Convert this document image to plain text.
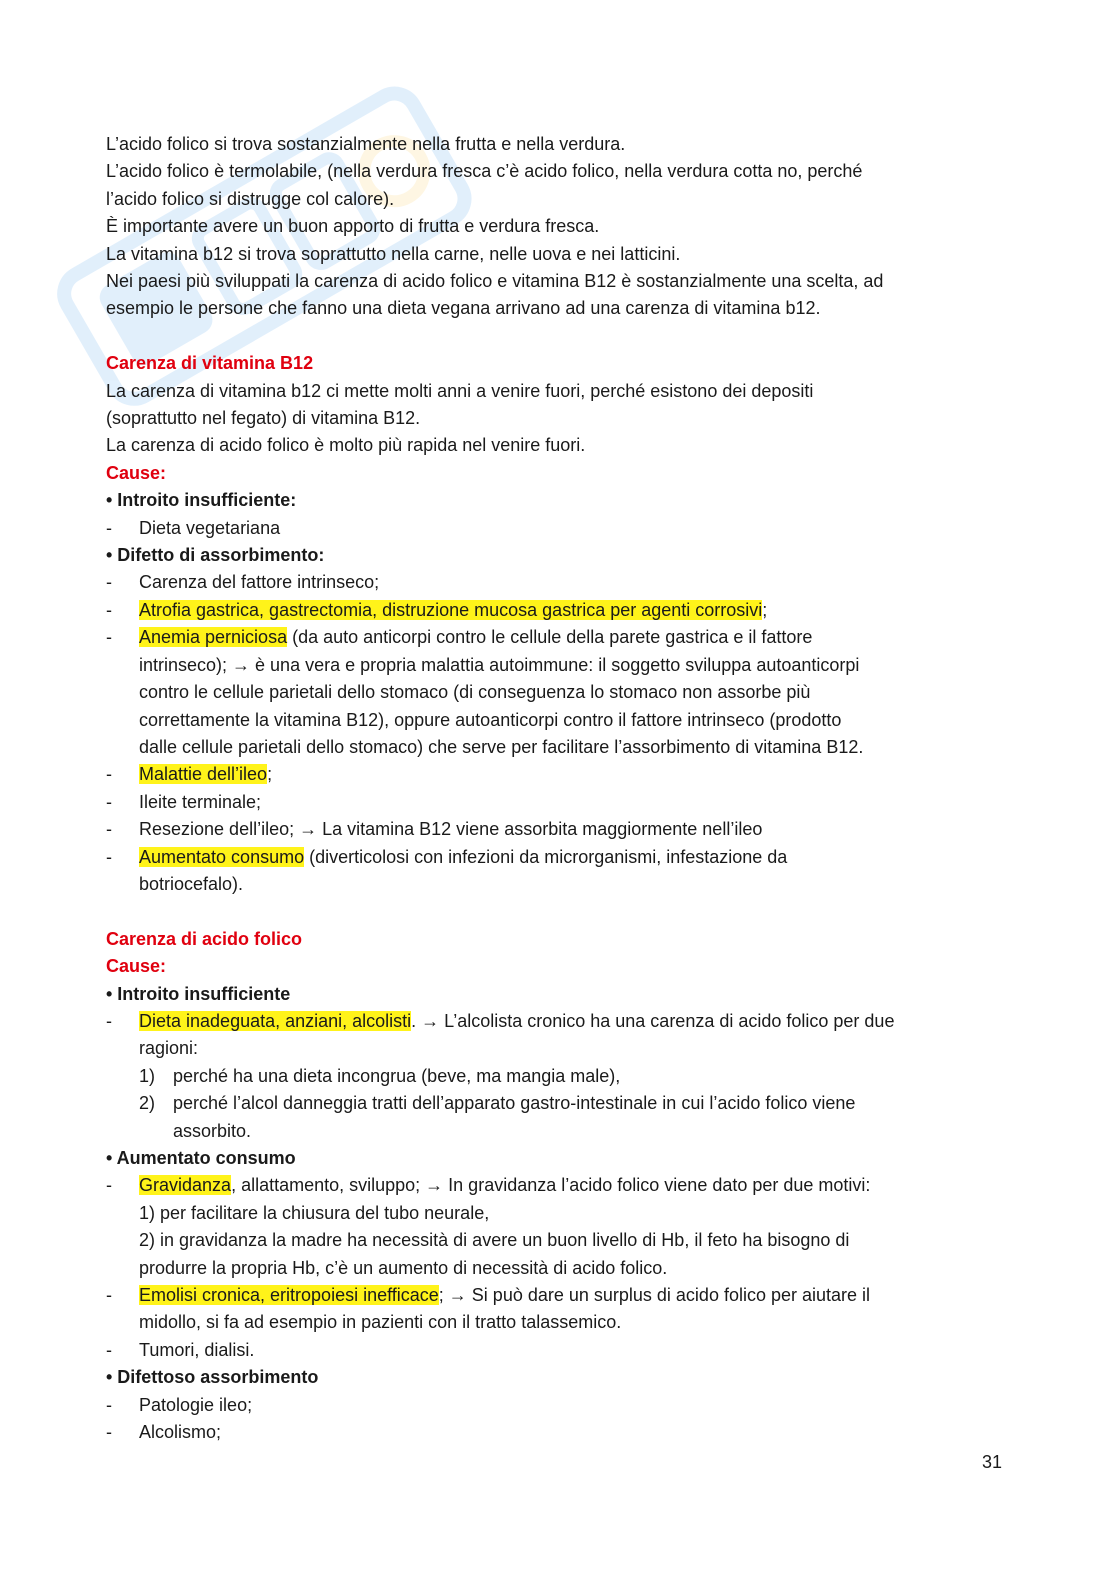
L’acido folico si trova sostanzialmente nella frutta e nella verdura.
L’acido folico è termolabile, (nella verdura fresca c’è acido folico, nella verdura cotta no, perché
l’acido folico si distrugge col calore).
È importante avere un buon apporto di frutta e verdura fresca.
La vitamina b12 si trova soprattutto nella carne, nelle uova e nei latticini.
Nei paesi più sviluppati la carenza di acido folico e vitamina B12 è sostanzialmente una scelta, ad
esempio le persone che fanno una dieta vegana arrivano ad una carenza di vitamina b12.
Carenza di vitamina B12
La carenza di vitamina b12 ci mette molti anni a venire fuori, perché esistono dei depositi
(soprattutto nel fegato) di vitamina B12.
La carenza di acido folico è molto più rapida nel venire fuori.
Cause:
• Introito insufficiente:
- Dieta vegetariana
• Difetto di assorbimento:
- Carenza del fattore intrinseco;
- Atrofia gastrica, gastrectomia, distruzione mucosa gastrica per agenti corrosivi;
- Anemia perniciosa (da auto anticorpi contro le cellule della parete gastrica e il fattore
intrinseco); → è una vera e propria malattia autoimmune: il soggetto sviluppa autoanticorpi
contro le cellule parietali dello stomaco (di conseguenza lo stomaco non assorbe più
correttamente la vitamina B12), oppure autoanticorpi contro il fattore intrinseco (prodotto
dalle cellule parietali dello stomaco) che serve per facilitare l’assorbimento di vitamina B12.
- Malattie dell’ileo;
- Ileite terminale;
- Resezione dell’ileo; → La vitamina B12 viene assorbita maggiormente nell’ileo
- Aumentato consumo (diverticolosi con infezioni da microrganismi, infestazione da
botriocefalo).
Carenza di acido folico
Cause:
• Introito insufficiente
- Dieta inadeguata, anziani, alcolisti. → L’alcolista cronico ha una carenza di acido folico per due
ragioni:
1) perché ha una dieta incongrua (beve, ma mangia male),
2) perché l’alcol danneggia tratti dell’apparato gastro-intestinale in cui l’acido folico viene
assorbito.
• Aumentato consumo
- Gravidanza, allattamento, sviluppo; → In gravidanza l’acido folico viene dato per due motivi:
1) per facilitare la chiusura del tubo neurale,
2) in gravidanza la madre ha necessità di avere un buon livello di Hb, il feto ha bisogno di
produrre la propria Hb, c’è un aumento di necessità di acido folico.
- Emolisi cronica, eritropoiesi inefficace; → Si può dare un surplus di acido folico per aiutare il
midollo, si fa ad esempio in pazienti con il tratto talassemico.
- Tumori, dialisi.
• Difettoso assorbimento
- Patologie ileo;
- Alcolismo;
31
